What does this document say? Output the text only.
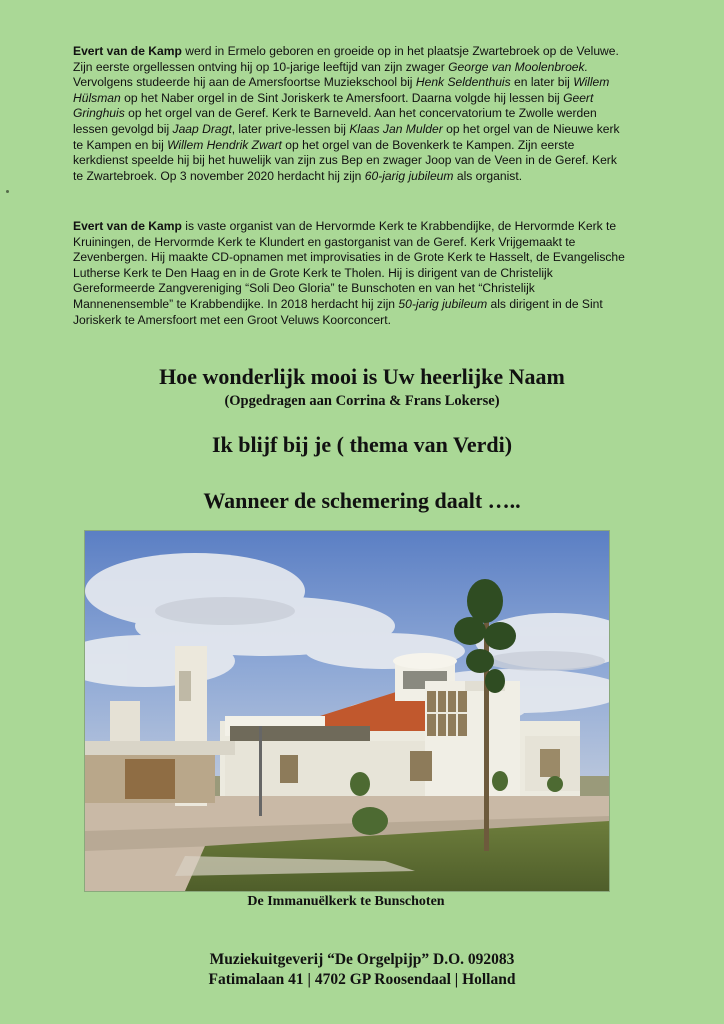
Evert van de Kamp werd in Ermelo geboren en groeide op in het plaatsje Zwartebroek op de Veluwe. Zijn eerste orgellessen ontving hij op 10-jarige leeftijd van zijn zwager George van Moolenbroek. Vervolgens studeerde hij aan de Amersfoortse Muziekschool bij Henk Seldenthuis en later bij Willem Hülsman op het Naber orgel in de Sint Joriskerk te Amersfoort. Daarna volgde hij lessen bij Geert Gringhuis op het orgel van de Geref. Kerk te Barneveld. Aan het concervatorium te Zwolle werden lessen gevolgd bij Jaap Dragt, later prive-lessen bij Klaas Jan Mulder op het orgel van de Nieuwe kerk te Kampen en bij Willem Hendrik Zwart op het orgel van de Bovenkerk te Kampen. Zijn eerste kerkdienst speelde hij bij het huwelijk van zijn zus Bep en zwager Joop van de Veen in de Geref. Kerk te Zwartebroek. Op 3 november 2020 herdacht hij zijn 60-jarig jubileum als organist.

Evert van de Kamp is vaste organist van de Hervormde Kerk te Krabbendijke, de Hervormde Kerk te Kruiningen, de Hervormde Kerk te Klundert en gastorganist van de Geref. Kerk Vrijgemaakt te Zevenbergen. Hij maakte CD-opnamen met improvisaties in de Grote Kerk te Hasselt, de Evangelische Lutherse Kerk te Den Haag en in de Grote Kerk te Tholen. Hij is dirigent van de Christelijk Gereformeerde Zangvereniging “Soli Deo Gloria” te Bunschoten en van het “Christelijk Mannenensemble” te Krabbendijke. In 2018 herdacht hij zijn 50-jarig jubileum als dirigent in de Sint Joriskerk te Amersfoort met een Groot Veluws Koorconcert.

Hoe wonderlijk mooi is Uw heerlijke Naam
(Opgedragen aan Corrina & Frans Lokerse)
Ik blijf bij je ( thema van Verdi)
Wanneer de schemering daalt …..
De Immanuëlkerk te Bunschoten
Muziekuitgeverij “De Orgelpijp” D.O. 092083
Fatimalaan 41 | 4702 GP Roosendaal | Holland
